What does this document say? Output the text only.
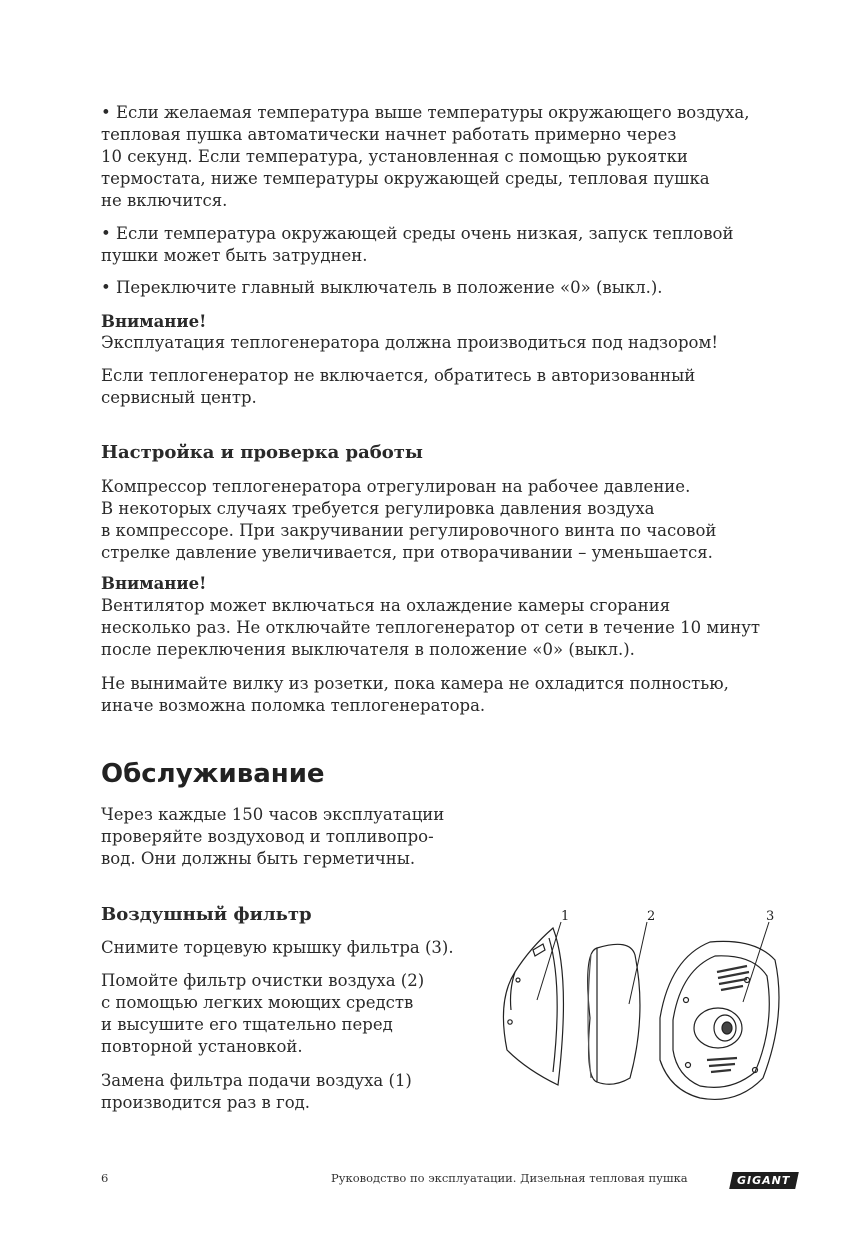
• Если желаемая температура выше температуры окружающего воздуха,
тепловая пушка автоматически начнет работать примерно через
10 секунд. Если температура, установленная с помощью рукоятки
термостата, ниже температуры окружающей среды, тепловая пушка
не включится.

• Если температура окружающей среды очень низкая, запуск тепловой
пушки может быть затруднен.

• Переключите главный выключатель в положение «0» (выкл.).

Внимание!

Эксплуатация теплогенератора должна производиться под надзором!

Если теплогенератор не включается, обратитесь в авторизованный
сервисный центр.

Настройка и проверка работы

Компрессор теплогенератора отрегулирован на рабочее давление.
В некоторых случаях требуется регулировка давления воздуха
в компрессоре. При закручивании регулировочного винта по часовой
стрелке давление увеличивается, при отворачивании – уменьшается.

Внимание!

Вентилятор может включаться на охлаждение камеры сгорания
несколько раз. Не отключайте теплогенератор от сети в течение 10 минут
после переключения выключателя в положение «0» (выкл.).

Не вынимайте вилку из розетки, пока камера не охладится полностью,
иначе возможна поломка теплогенератора.

Обслуживание

Через каждые 150 часов эксплуатации
проверяйте воздуховод и топливопро-
вод. Они должны быть герметичны.

Воздушный фильтр

Снимите торцевую крышку фильтра (3).

Помойте фильтр очистки воздуха (2)
с помощью легких моющих средств
и высушите его тщательно перед
повторной установкой.

Замена фильтра подачи воздуха (1)
производится раз в год.

1	2	3
6	Руководство по эксплуатации. Дизельная тепловая пушка	GIGANT
